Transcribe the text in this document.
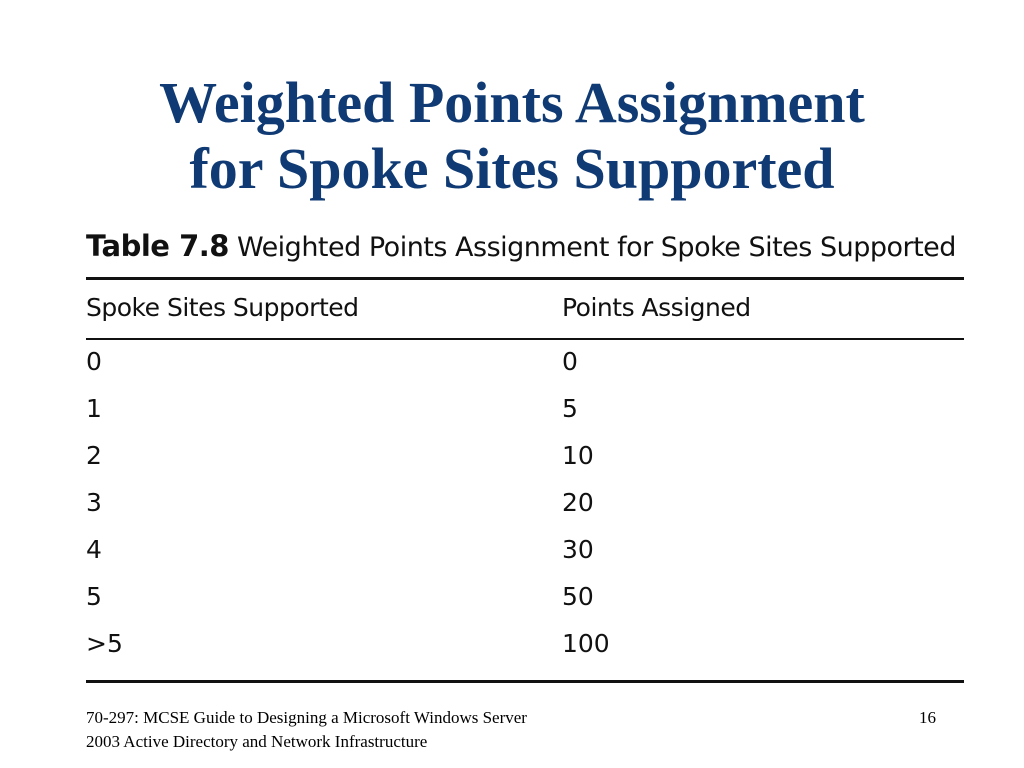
Weighted Points Assignment
for Spoke Sites Supported
Table 7.8 Weighted Points Assignment for Spoke Sites Supported
Spoke Sites Supported	Points Assigned
0	0
1	5
2	10
3	20
4	30
5	50
>5	100
70-297: MCSE Guide to Designing a Microsoft Windows Server
2003 Active Directory and Network Infrastructure
16
